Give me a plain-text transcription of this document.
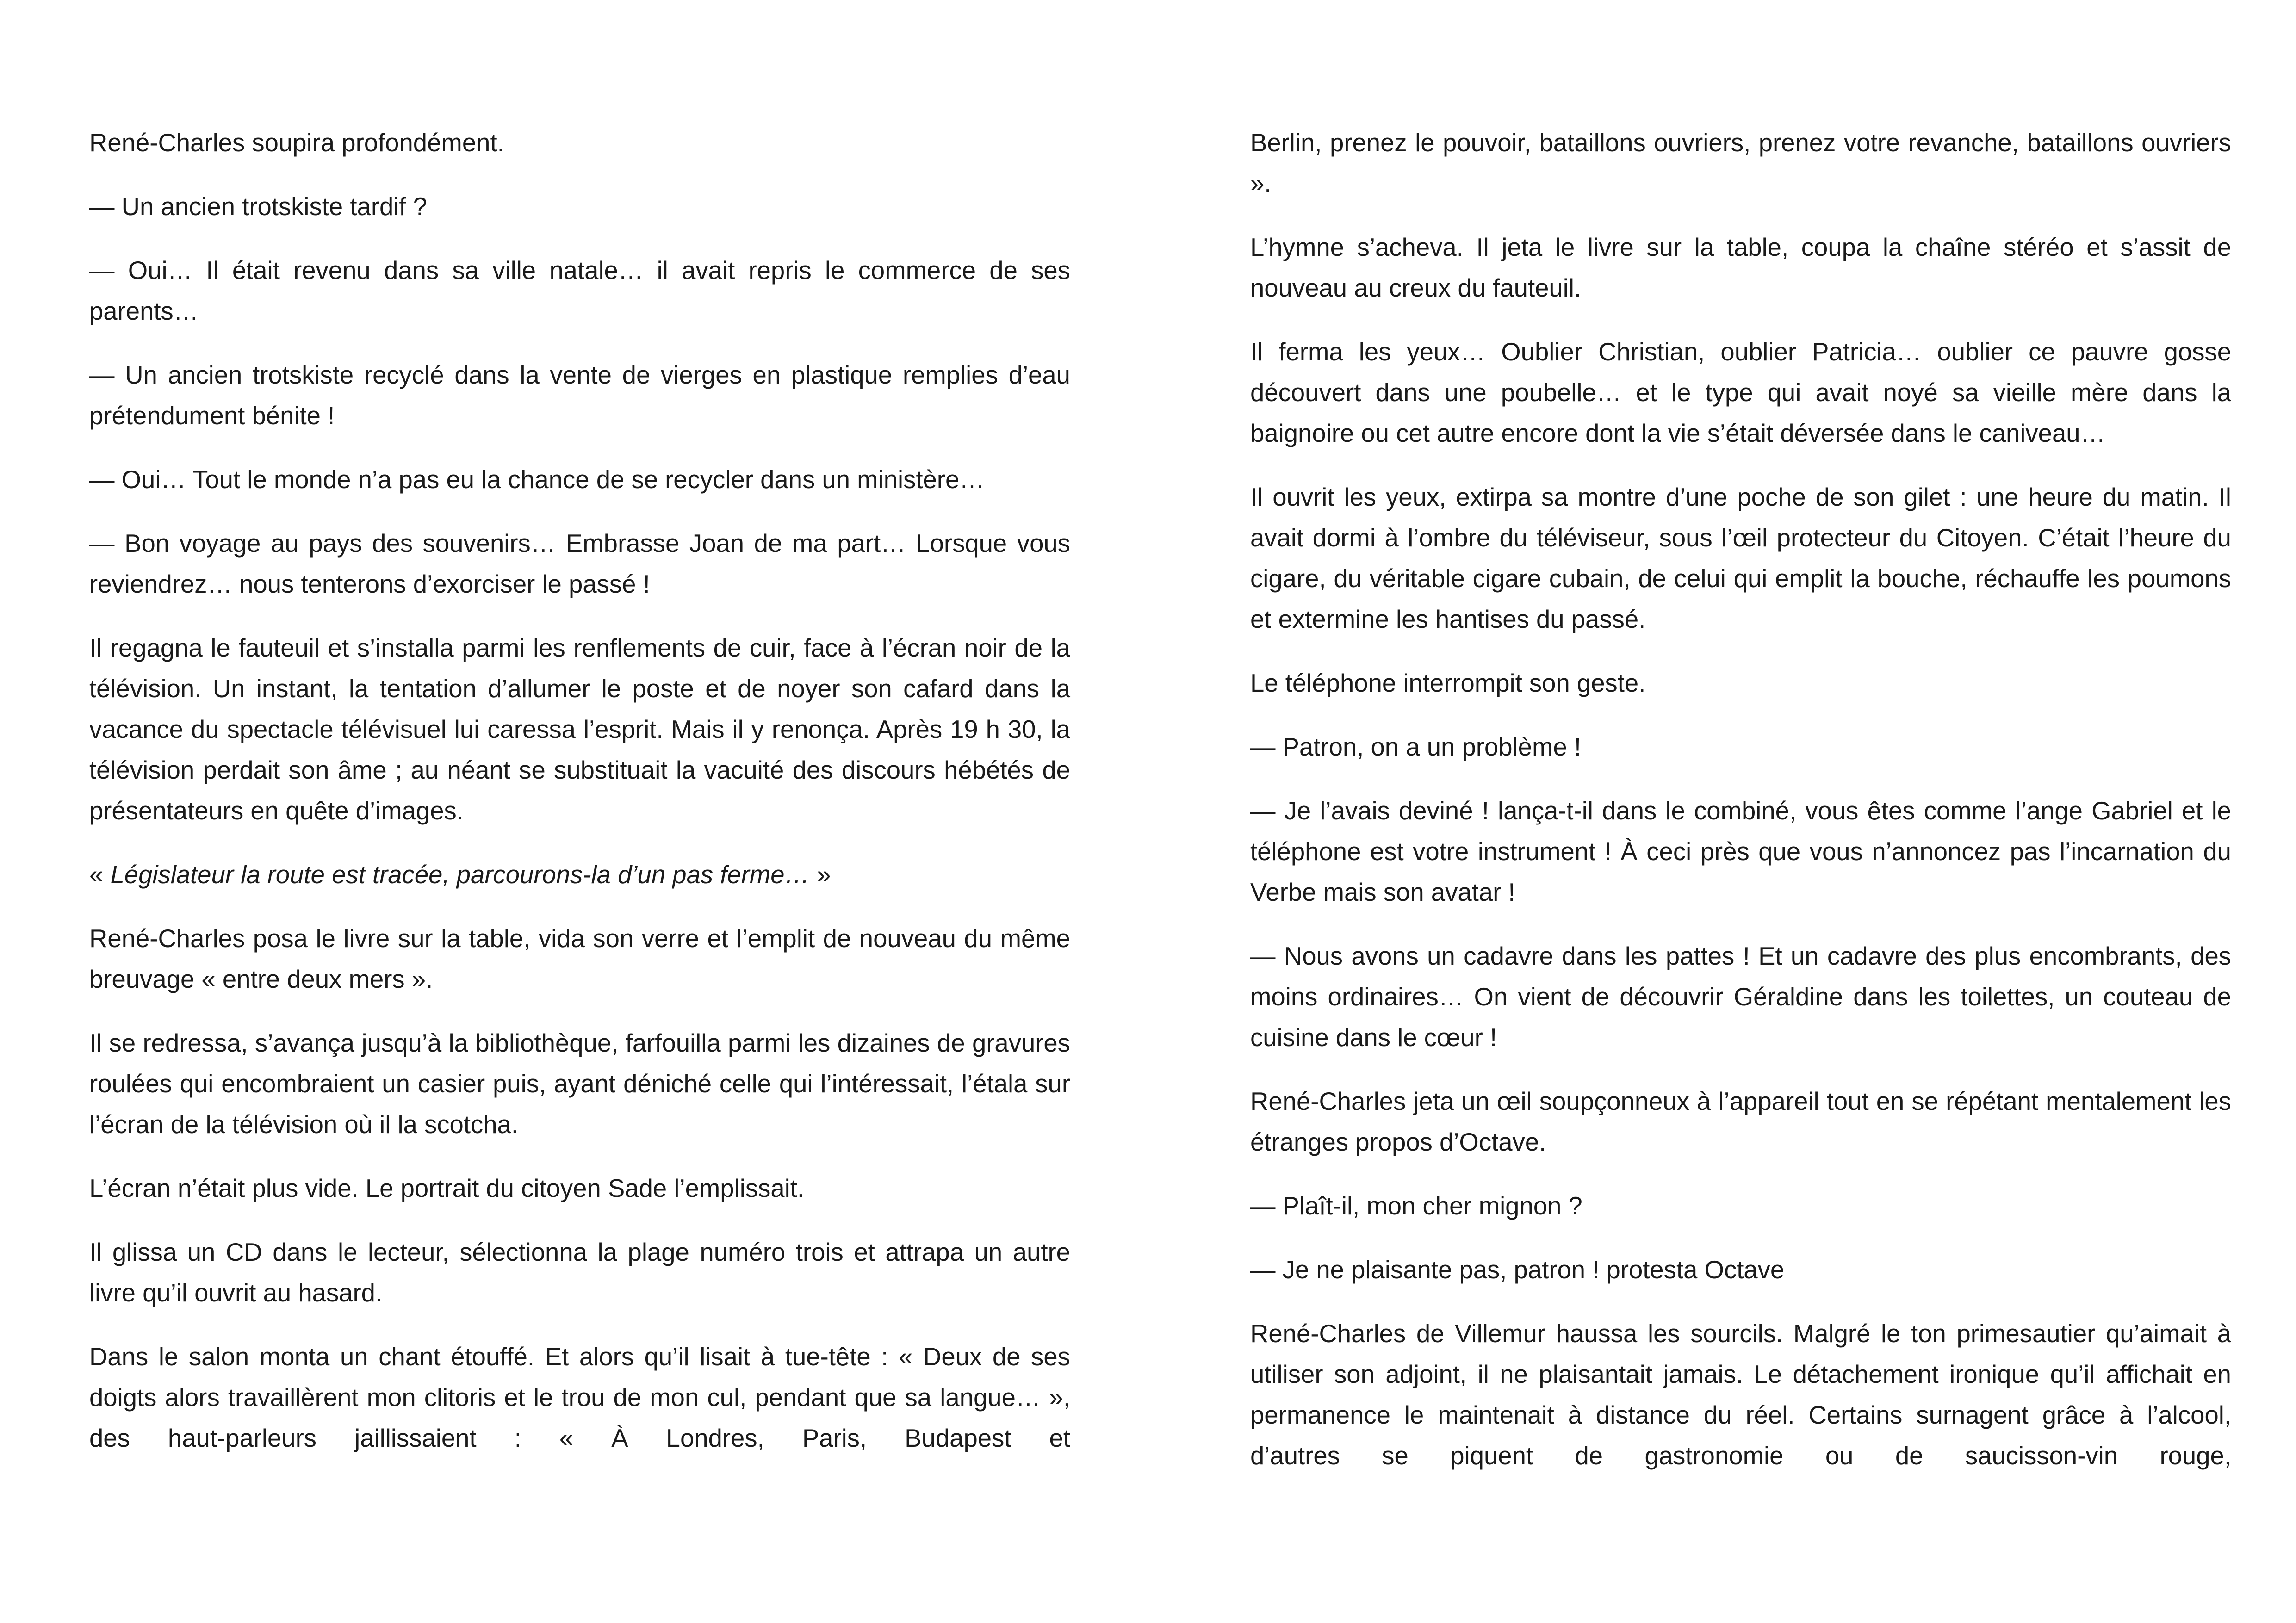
René-Charles soupira profondément.

— Un ancien trotskiste tardif ?

— Oui… Il était revenu dans sa ville natale… il avait repris le commerce de ses parents…

— Un ancien trotskiste recyclé dans la vente de vierges en plastique remplies d’eau prétendument bénite !

— Oui… Tout le monde n’a pas eu la chance de se recycler dans un ministère…

— Bon voyage au pays des souvenirs… Embrasse Joan de ma part… Lorsque vous reviendrez… nous tenterons d’exorciser le passé !

Il regagna le fauteuil et s’installa parmi les renflements de cuir, face à l’écran noir de la télévision. Un instant, la tentation d’allumer le poste et de noyer son cafard dans la vacance du spectacle télévisuel lui caressa l’esprit. Mais il y renonça. Après 19 h 30, la télévision perdait son âme ; au néant se substituait la vacuité des discours hébétés de présentateurs en quête d’images.

« Législateur la route est tracée, parcourons-la d’un pas ferme… »

René-Charles posa le livre sur la table, vida son verre et l’emplit de nouveau du même breuvage « entre deux mers ».

Il se redressa, s’avança jusqu’à la bibliothèque, farfouilla parmi les dizaines de gravures roulées qui encombraient un casier puis, ayant déniché celle qui l’intéressait, l’étala sur l’écran de la télévision où il la scotcha.

L’écran n’était plus vide. Le portrait du citoyen Sade l’emplissait.

Il glissa un CD dans le lecteur, sélectionna la plage numéro trois et attrapa un autre livre qu’il ouvrit au hasard.

Dans le salon monta un chant étouffé. Et alors qu’il lisait à tue-tête : « Deux de ses doigts alors travaillèrent mon clitoris et le trou de mon cul, pendant que sa langue… », des haut-parleurs jaillissaient : « À Londres, Paris, Budapest et

Berlin, prenez le pouvoir, bataillons ouvriers, prenez votre revanche, bataillons ouvriers ».

L’hymne s’acheva. Il jeta le livre sur la table, coupa la chaîne stéréo et s’assit de nouveau au creux du fauteuil.

Il ferma les yeux… Oublier Christian, oublier Patricia… oublier ce pauvre gosse découvert dans une poubelle… et le type qui avait noyé sa vieille mère dans la baignoire ou cet autre encore dont la vie s’était déversée dans le caniveau…

Il ouvrit les yeux, extirpa sa montre d’une poche de son gilet : une heure du matin. Il avait dormi à l’ombre du téléviseur, sous l’œil protecteur du Citoyen. C’était l’heure du cigare, du véritable cigare cubain, de celui qui emplit la bouche, réchauffe les poumons et extermine les hantises du passé.

Le téléphone interrompit son geste.

— Patron, on a un problème !

— Je l’avais deviné ! lança-t-il dans le combiné, vous êtes comme l’ange Gabriel et le téléphone est votre instrument ! À ceci près que vous n’annoncez pas l’incarnation du Verbe mais son avatar !

— Nous avons un cadavre dans les pattes ! Et un cadavre des plus encombrants, des moins ordinaires… On vient de découvrir Géraldine dans les toilettes, un couteau de cuisine dans le cœur !

René-Charles jeta un œil soupçonneux à l’appareil tout en se répétant mentalement les étranges propos d’Octave.

— Plaît-il, mon cher mignon ?

— Je ne plaisante pas, patron ! protesta Octave

René-Charles de Villemur haussa les sourcils. Malgré le ton primesautier qu’aimait à utiliser son adjoint, il ne plaisantait jamais. Le détachement ironique qu’il affichait en permanence le maintenait à distance du réel. Certains surnagent grâce à l’alcool, d’autres se piquent de gastronomie ou de saucisson-vin rouge,
